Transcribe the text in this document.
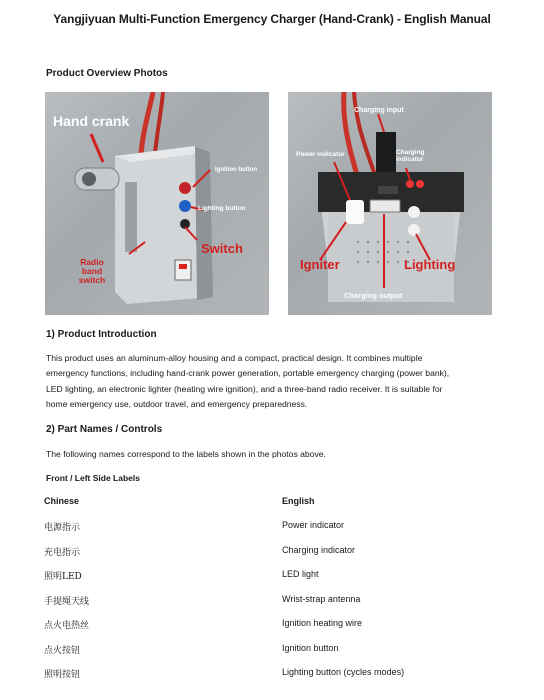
Yangjiyuan Multi-Function Emergency Charger (Hand-Crank) - English Manual
Product Overview Photos
Hand crank
Ignition button
Lighting button
Switch
Radio band switch
Charging input
Power indicator	Charging indicator
Igniter	Lighting
Charging output
1) Product Introduction
This product uses an aluminum-alloy housing and a compact, practical design. It combines multiple
emergency functions, including hand-crank power generation, portable emergency charging (power bank),
LED lighting, an electronic lighter (heating wire ignition), and a three-band radio receiver. It is suitable for
home emergency use, outdoor travel, and emergency preparedness.
2) Part Names / Controls
The following names correspond to the labels shown in the photos above.
Front / Left Side Labels
Chinese	English
电源指示	Power indicator
充电指示	Charging indicator
照明LED	LED light
手提绳天线	Wrist-strap antenna
点火电热丝	Ignition heating wire
点火按钮	Ignition button
照明按钮	Lighting button (cycles modes)
